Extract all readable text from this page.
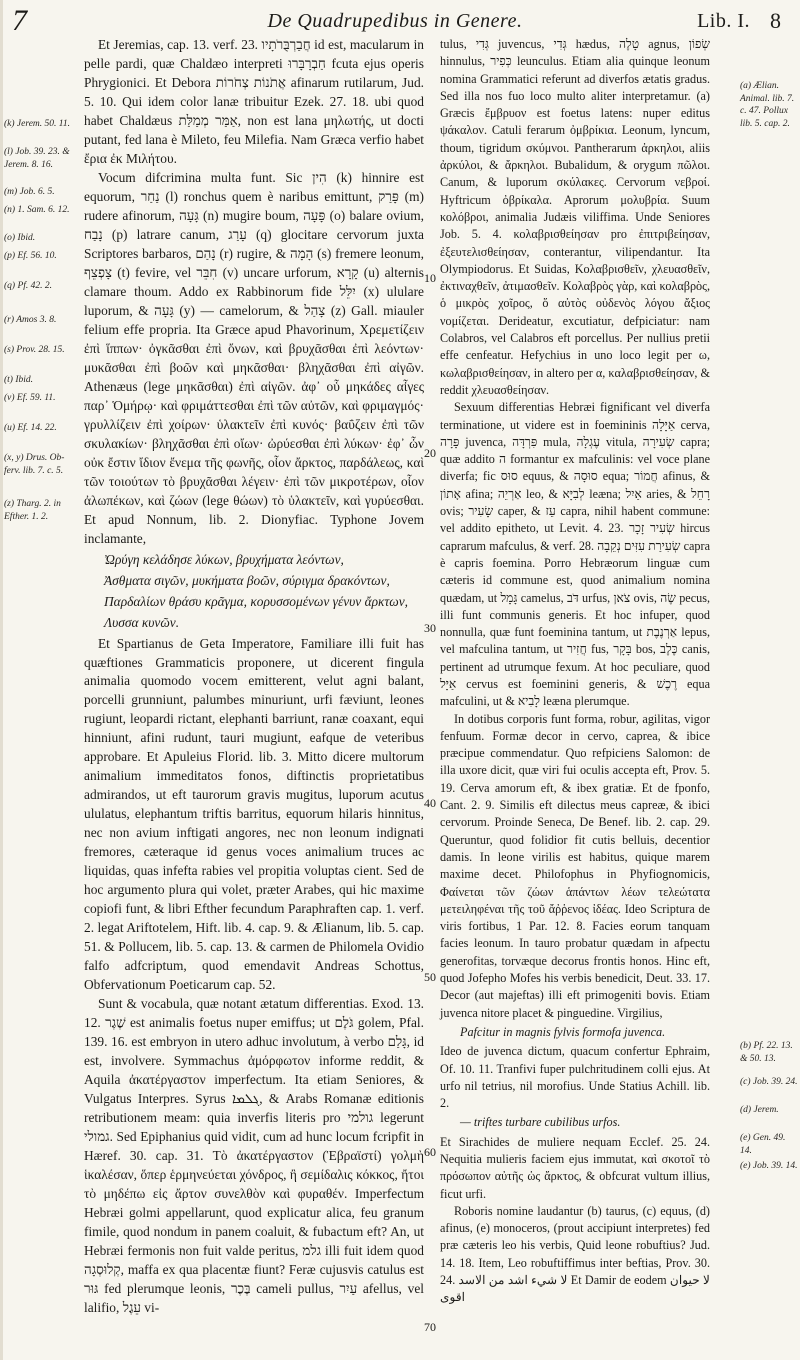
7	De Quadrupedibus in Genere.	Lib. I. 8

Et Jeremias, cap. 13. verf. 23. חֲבַרְבֻּרֹתָיו id est, macularum in pelle pardi, quæ Chaldæo interpreti חַבְרָבָּרוּ fcuta ejus operis Phrygionici. Et Debora אֲתֹנוֹת צְחֹרוֹת afinarum rutilarum, Jud. 5. 10. Qui idem color lanæ tribuitur Ezek. 27. 18. ubi quod habet Chaldæus אַמַּר מְמַלַּת, non est lana μηλωτής, ut docti putant, fed lana è Mileto, feu Milefia. Nam Græca verfio habet ἔρια ἐκ Μιλήτου.

Vocum difcrimina multa funt. Sic הִין (k) hinnire est equorum, נַחַר (l) ronchus quem è naribus emittunt, פָּרַק (m) rudere afinorum, גָּעָה (n) mugire boum, פָּעָה (o) balare ovium, נָבַח (p) latrare canum, עָרַג (q) glocitare cervorum juxta Scriptores barbaros, נָהַם (r) rugire, & הָמָה (s) fremere leonum, צָפְצֵף (t) fevire, vel חִבֵּר (v) uncare urforum, קָרָא (u) alternis clamare thoum. Addo ex Rabbinorum fide יִלֵּל (x) ululare luporum, & גָּעָה (y) — camelorum, & צָהַל (z) Gall. miauler felium effe propria. Ita Græce apud Phavorinum, Χρεμετίζειν ἐπὶ ἵππων· ὀγκᾶσθαι ἐπὶ ὄνων, καὶ βρυχᾶσθαι ἐπὶ λεόντων· μυκᾶσθαι ἐπὶ βοῶν καὶ μηκᾶσθαι· βληχᾶσθαι ἐπὶ αἰγῶν. Athenæus (lege μηκᾶσθαι) ἐπὶ αἰγῶν. ἀφ᾽ οὗ μηκάδες αἶγες παρ᾽ Ὁμήρῳ· καὶ φριμάττεσθαι ἐπὶ τῶν αὐτῶν, καὶ φριμαγμός· γρυλλίζειν ἐπὶ χοίρων· ὑλακτεῖν ἐπὶ κυνός· βαΰζειν ἐπὶ τῶν σκυλακίων· βληχᾶσθαι ἐπὶ οἴων· ὠρύεσθαι ἐπὶ λύκων· ἐφ᾽ ὧν οὐκ ἔστιν ἴδιον ἔνεμα τῆς φωνῆς, οἷον ἄρκτος, παρδάλεως, καὶ τῶν τοιούτων τὸ βρυχᾶσθαι λέγειν· ἐπὶ τῶν μικροτέρων, οἷον ἀλωπέκων, καὶ ζώων (lege θώων) τὸ ὑλακτεῖν, καὶ γυρύεσθαι. Et apud Nonnum, lib. 2. Dionyfiac. Typhone Jovem inclamante,

Ὠρύγη κελάδησε λύκων, βρυχήματα λεόντων,
Ἀσθματα σιγῶν, μυκήματα βοῶν, σύριγμα δρακόντων,
Παρδαλίων θράσυ κρᾶγμα, κορυσσομένων γένυν ἄρκτων,
Λυσσα κυνῶν.

Et Spartianus de Geta Imperatore, Familiare illi fuit has quæftiones Grammaticis proponere, ut dicerent fingula animalia quomodo vocem emitterent, velut agni balant, porcelli grunniunt, palumbes minuriunt, urfi fæviunt, leones rugiunt, leopardi rictant, elephanti barriunt, ranæ coaxant, equi hinniunt, afini rudunt, tauri mugiunt, eafque de veteribus approbare. Et Apuleius Florid. lib. 3. Mitto dicere multorum animalium immeditatos fonos, diftinctis proprietatibus admirandos, ut eft taurorum gravis mugitus, luporum acutus ululatus, elephantum triftis barritus, equorum hilaris hinnitus, nec non avium inftigati angores, nec non leonum indignati fremores, cæteraque id genus voces animalium truces ac liquidas, quas infefta rabies vel propitia voluptas cient. Sed de hoc argumento plura qui volet, præter Arabes, qui hic maxime copiofi funt, & libri Efther fecundum Paraphraften cap. 1. verf. 2. legat Ariftotelem, Hift. lib. 4. cap. 9. & Ælianum, lib. 5. cap. 51. & Pollucem, lib. 5. cap. 13. & carmen de Philomela Ovidio falfo adfcriptum, quod emendavit Andreas Schottus, Obfervationum Poeticarum cap. 52.

Sunt & vocabula, quæ notant ætatum differentias. Exod. 13. 12. שֶׁגֶר est animalis foetus nuper emiffus; ut גֹּלֶם golem, Pfal. 139. 16. est embryon in utero adhuc involutum, à verbo גָּלַם, id est, involvere. Symmachus ἀμόρφωτον informe reddit, & Aquila ἀκατέργαστον imperfectum. Ita etiam Seniores, & Vulgatus Interpres. Syrus ܓܠܡܐ, & Arabs Romanæ editionis retributionem meam: quia inverfis literis pro גולמי legerunt גמולי. Sed Epiphanius quid vidit, cum ad hunc locum fcripfit in Hæref. 30. cap. 31. Τὸ ἀκατέργαστον (Ἑβραϊστί) γολμὴ ἱκαλέσαν, ὅπερ ἑρμηνεύεται χόνδρος, ἢ σεμίδαλις κόκκος, ἤτοι τὸ μηδέπω εἰς ἄρτον συνελθὸν καὶ φυραθέν. Imperfectum Hebræi golmi appellarunt, quod explicatur alica, feu granum fimile, quod nondum in panem coaluit, & fubactum eft? An, ut Hebræi fermonis non fuit valde peritus, גלמ illi fuit idem quod קְלוּסְגָה, maffa ex qua placentæ fiunt? Feræ cujusvis catulus est גּוּר fed plerumque leonis, בֶּכֶר cameli pullus, עַיִר afellus, vel lalifio, עֵגֶל vi-

10
20
30
40
50
60
70

tulus, גְּדִי juvencus, גְּדִי hædus, טָלֶה agnus, שְׂפוֹן hinnulus, כְּפִיר leunculus. Etiam alia quinque leonum nomina Grammatici referunt ad diverfos ætatis gradus. Sed illa nos fuo loco multo aliter interpretamur. (a) Græcis ἔμβρυον est foetus latens: nuper editus ψάκαλον. Catuli ferarum ὀμβρίκια. Leonum, lyncum, thoum, tigridum σκύμνοι. Pantherarum ἀρκηλοι, aliis ἀρκύλοι, & ἄρκηλοι. Bubalidum, & orygum πῶλοι. Canum, & luporum σκύλακες. Cervorum νεβροί. Hyftricum ὀβρίκαλα. Aprorum μολυβρία. Suum κολόβροι, animalia Judæis viliffima. Unde Seniores Job. 5. 4. κολαβρισθείησαν pro ἐπιτριβείησαν, ἐξευτελισθείησαν, conterantur, vilipendantur. Ita Olympiodorus. Et Suidas, Κολαβρισθεῖν, χλευασθεῖν, ἐκτιναχθεῖν, ἀτιμασθεῖν. Κολαβρὸς γὰρ, καὶ κολαβρὸς, ὁ μικρὸς χοῖρος, ὅ αὐτὸς οὐδενὸς λόγου ἄξιος νομίζεται. Derideatur, excutiatur, defpiciatur: nam Colabros, vel Calabros eft porcellus. Per nullius pretii effe cenfeatur. Hefychius in uno loco legit per ω, κωλαβρισθείησαν, in altero per α, καλαβρισθείησαν, & reddit χλευασθείησαν.

Sexuum differentias Hebræi fignificant vel diverfa terminatione, ut videre est in foemininis אַיָּלָה cerva, פָּרָה juvenca, פִּרְדָּה mula, עֶגְלָה vitula, שְׂעִירָה capra; quæ addito ה formantur ex mafculinis: vel voce plane diverfa; fic סוּס equus, & סוּסָה equa; חֲמוֹר afinus, & אָתוֹן afina; אַרְיֵה leo, & לְבִיָּא leæna; אַיִל aries, & רָחֵל ovis; שָׂעִיר caper, & עֵז capra, nihil habent commune: vel addito epitheto, ut Levit. 4. 23. שְׂעִיר זָכָר hircus caprarum mafculus, & verf. 28. שְׂעִירַת עִזִּים נְקֵבָה capra è capris foemina. Porro Hebræorum linguæ cum cæteris id commune est, quod animalium nomina quædam, ut גָּמָל camelus, דֹּב urfus, צֹאן ovis, שֶׂה pecus, illi funt communis generis. Et hoc infuper, quod nonnulla, quæ funt foeminina tantum, ut אַרְנֶבֶת lepus, vel mafculina tantum, ut חֲזִיר fus, בָּקָר bos, כֶּלֶב canis, pertinent ad utrumque fexum. At hoc peculiare, quod אַיָּל cervus est foeminini generis, & רֶכֶשׁ equa mafculini, ut & לָבִיא leæna plerumque.

In dotibus corporis funt forma, robur, agilitas, vigor fenfuum. Formæ decor in cervo, caprea, & ibice præcipue commendatur. Quo refpiciens Salomon: de illa uxore dicit, quæ viri fui oculis accepta eft, Prov. 5. 19. Cerva amorum eft, & ibex gratiæ. Et de fponfo, Cant. 2. 9. Similis eft dilectus meus capreæ, & ibici cervorum. Proinde Seneca, De Benef. lib. 2. cap. 29. Queruntur, quod folidior fit cutis belluis, decentior damis. In leone virilis est habitus, quique marem maxime decet. Philofophus in Phyfiognomicis, Φαίνεται τῶν ζώων ἁπάντων λέων τελεώτατα μετειληφέναι τῆς τοῦ ἄῤῥενος ἰδέας. Ideo Scriptura de viris fortibus, 1 Par. 12. 8. Facies eorum tanquam facies leonum. In tauro probatur quædam in afpectu generofitas, torvæque decorus frontis honos. Hinc eft, quod Jofepho Mofes his verbis benedicit, Deut. 33. 17. Decor (aut majeftas) illi eft primogeniti bovis. Etiam juvenca nitore placet & pinguedine. Virgilius,

Pafcitur in magnis fylvis formofa juvenca.

Ideo de juvenca dictum, quacum confertur Ephraim, Of. 10. 11. Tranfivi fuper pulchritudinem colli ejus. At urfo nil tetrius, nil morofius. Unde Statius Achill. lib. 2.

— triftes turbare cubilibus urfos.

Et Sirachides de muliere nequam Ecclef. 25. 24. Nequitia mulieris faciem ejus immutat, καὶ σκοτοῖ τὸ πρόσωπον αὐτῆς ὡς ἄρκτος, & obfcurat vultum illius, ficut urfi.

Roboris nomine laudantur (b) taurus, (c) equus, (d) afinus, (e) monoceros, (prout accipiunt interpretes) fed præ cæteris leo his verbis, Quid leone robuftius? Jud. 14. 18. Item, Leo robuftiffimus inter beftias, Prov. 30. 24. لا شيء اشد من الاسد Et Damir de eodem لا حيوان اقوى

(k) Jerem. 50. 11.
(l) Job. 39. 23. & Jerem. 8. 16.
(m) Job. 6. 5.
(n) 1. Sam. 6. 12.
(o) Ibid.
(p) Ef. 56. 10.
(q) Pf. 42. 2.
(r) Amos 3. 8.
(s) Prov. 28. 15.
(t) Ibid.
(v) Ef. 59. 11.
(u) Ef. 14. 22.
(x, y) Drus. Ob-ferv. lib. 7. c. 5.
(z) Tharg. 2. in Efther. 1. 2.
(a) Ælian. Animal. lib. 7. c. 47. Pollux lib. 5. cap. 2.
(b) Pf. 22. 13. & 50. 13.
(c) Job. 39. 24.
(d) Jerem.
(e) Gen. 49. 14.
(e) Job. 39. 14.
